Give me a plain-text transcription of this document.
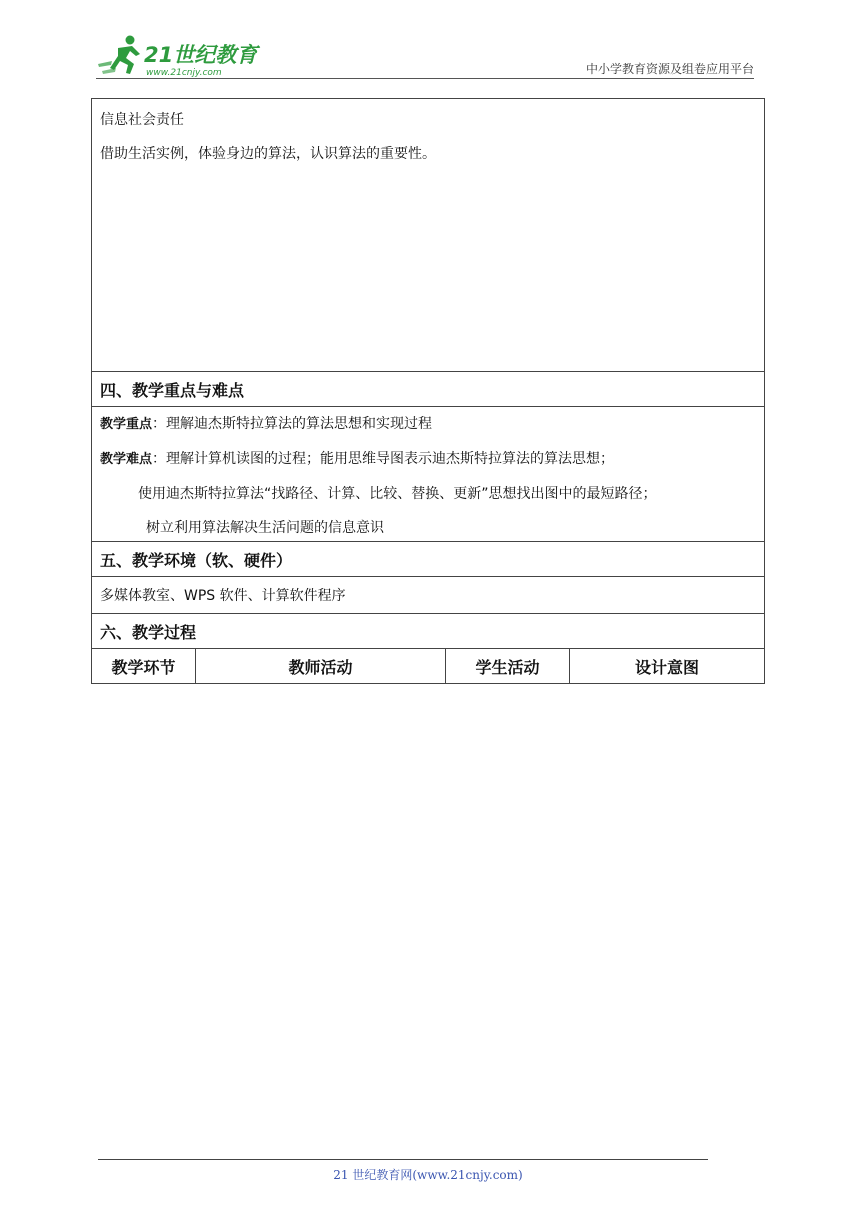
21世纪教育
www.21cnjy.com	中小学教育资源及组卷应用平台
信息社会责任
借助生活实例，体验身边的算法，认识算法的重要性。

四、教学重点与难点

教学重点：理解迪杰斯特拉算法的算法思想和实现过程
教学难点：理解计算机读图的过程；能用思维导图表示迪杰斯特拉算法的算法思想；
使用迪杰斯特拉算法“找路径、计算、比较、替换、更新”思想找出图中的最短路径；
树立利用算法解决生活问题的信息意识

五、教学环境（软、硬件）
多媒体教室、WPS 软件、计算软件程序
六、教学过程
教学环节	教师活动	学生活动	设计意图
21 世纪教育网(www.21cnjy.com)
